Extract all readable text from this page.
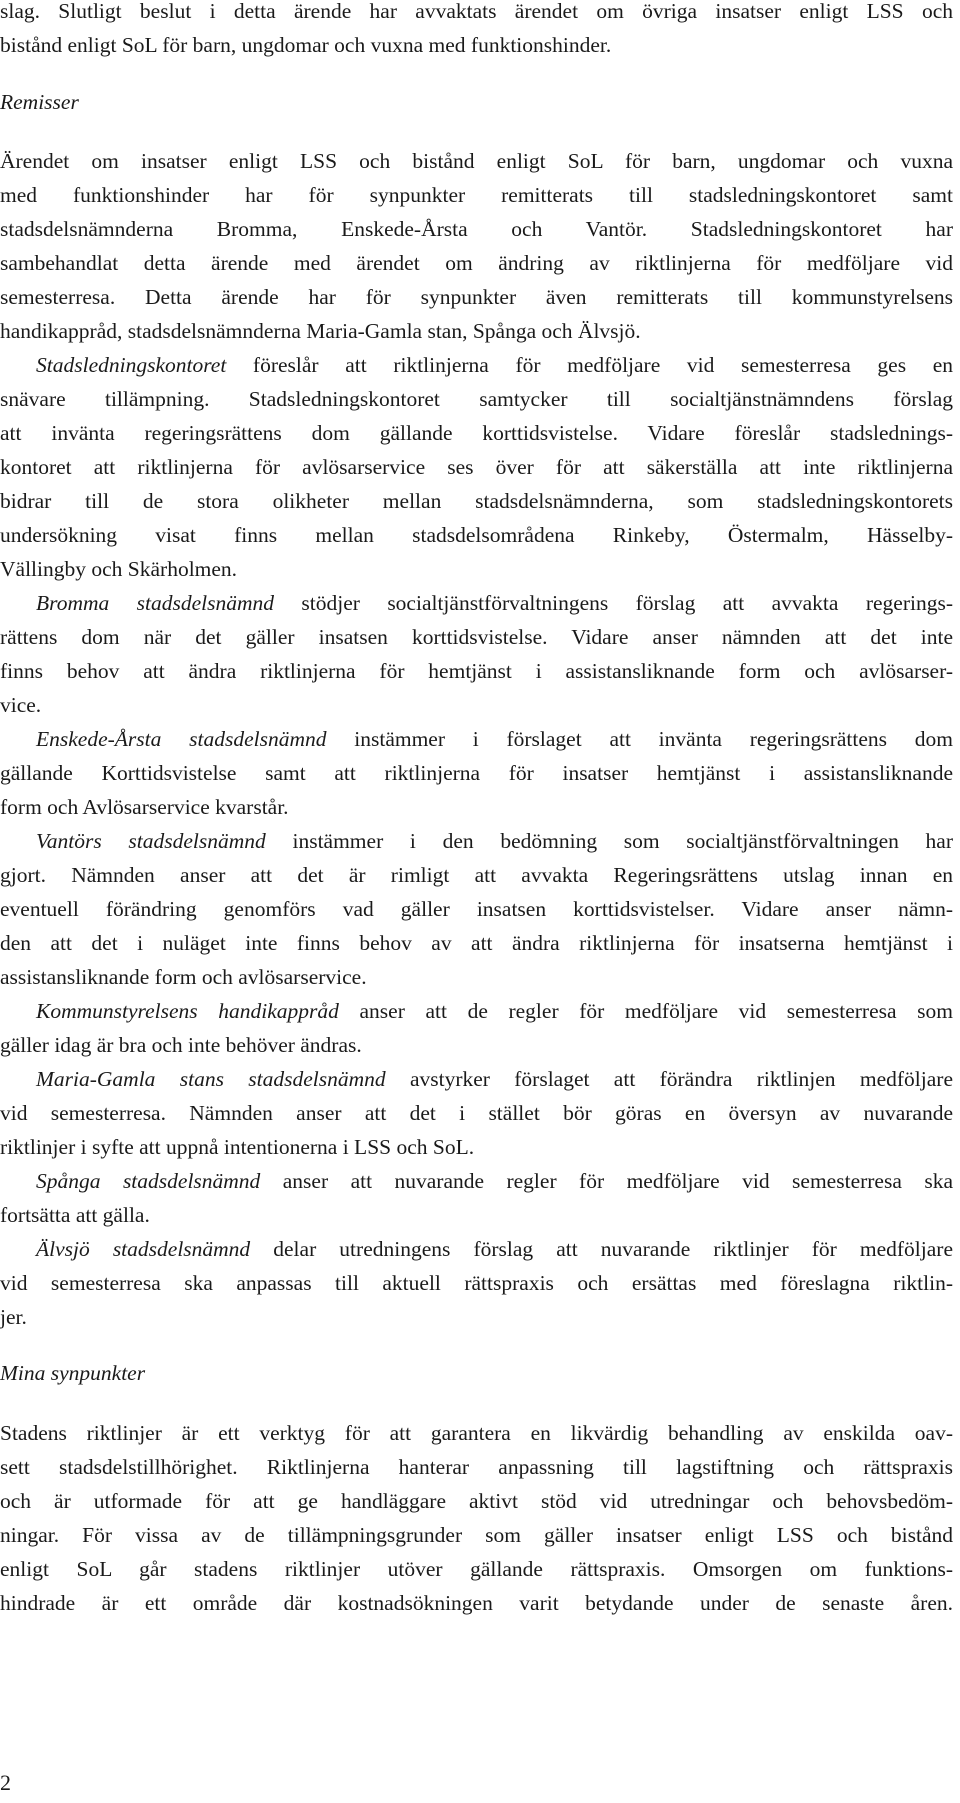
slag. Slutligt beslut i detta ärende har avvaktats ärendet om övriga insatser enligt LSS och
bistånd enligt SoL för barn, ungdomar och vuxna med funktionshinder.
Remisser
Ärendet om insatser enligt LSS och bistånd enligt SoL för barn, ungdomar och vuxna
med funktionshinder har för synpunkter remitterats till stadsledningskontoret samt
stadsdelsnämnderna Bromma, Enskede-Årsta och Vantör. Stadsledningskontoret har
sambehandlat detta ärende med ärendet om ändring av riktlinjerna för medföljare vid
semesterresa. Detta ärende har för synpunkter även remitterats till kommunstyrelsens
handikappråd, stadsdelsnämnderna Maria-Gamla stan, Spånga och Älvsjö.
Stadsledningskontoret föreslår att riktlinjerna för medföljare vid semesterresa ges en
snävare tillämpning. Stadsledningskontoret samtycker till socialtjänstnämndens förslag
att invänta regeringsrättens dom gällande korttidsvistelse. Vidare föreslår stadslednings-
kontoret att riktlinjerna för avlösarservice ses över för att säkerställa att inte riktlinjerna
bidrar till de stora olikheter mellan stadsdelsnämnderna, som stadsledningskontorets
undersökning visat finns mellan stadsdelsområdena Rinkeby, Östermalm, Hässelby-
Vällingby och Skärholmen.
Bromma stadsdelsnämnd stödjer socialtjänstförvaltningens förslag att avvakta regerings-
rättens dom när det gäller insatsen korttidsvistelse. Vidare anser nämnden att det inte
finns behov att ändra riktlinjerna för hemtjänst i assistansliknande form och avlösarser-
vice.
Enskede-Årsta stadsdelsnämnd instämmer i förslaget att invänta regeringsrättens dom
gällande Korttidsvistelse samt att riktlinjerna för insatser hemtjänst i assistansliknande
form och Avlösarservice kvarstår.
Vantörs stadsdelsnämnd instämmer i den bedömning som socialtjänstförvaltningen har
gjort. Nämnden anser att det är rimligt att avvakta Regeringsrättens utslag innan en
eventuell förändring genomförs vad gäller insatsen korttidsvistelser. Vidare anser nämn-
den att det i nuläget inte finns behov av att ändra riktlinjerna för insatserna hemtjänst i
assistansliknande form och avlösarservice.
Kommunstyrelsens handikappråd anser att de regler för medföljare vid semesterresa som
gäller idag är bra och inte behöver ändras.
Maria-Gamla stans stadsdelsnämnd avstyrker förslaget att förändra riktlinjen medföljare
vid semesterresa. Nämnden anser att det i stället bör göras en översyn av nuvarande
riktlinjer i syfte att uppnå intentionerna i LSS och SoL.
Spånga stadsdelsnämnd anser att nuvarande regler för medföljare vid semesterresa ska
fortsätta att gälla.
Älvsjö stadsdelsnämnd delar utredningens förslag att nuvarande riktlinjer för medföljare
vid semesterresa ska anpassas till aktuell rättspraxis och ersättas med föreslagna riktlin-
jer.
Mina synpunkter
Stadens riktlinjer är ett verktyg för att garantera en likvärdig behandling av enskilda oav-
sett stadsdelstillhörighet. Riktlinjerna hanterar anpassning till lagstiftning och rättspraxis
och är utformade för att ge handläggare aktivt stöd vid utredningar och behovsbedöm-
ningar. För vissa av de tillämpningsgrunder som gäller insatser enligt LSS och bistånd
enligt SoL går stadens riktlinjer utöver gällande rättspraxis. Omsorgen om funktions-
hindrade är ett område där kostnadsökningen varit betydande under de senaste åren.
2
